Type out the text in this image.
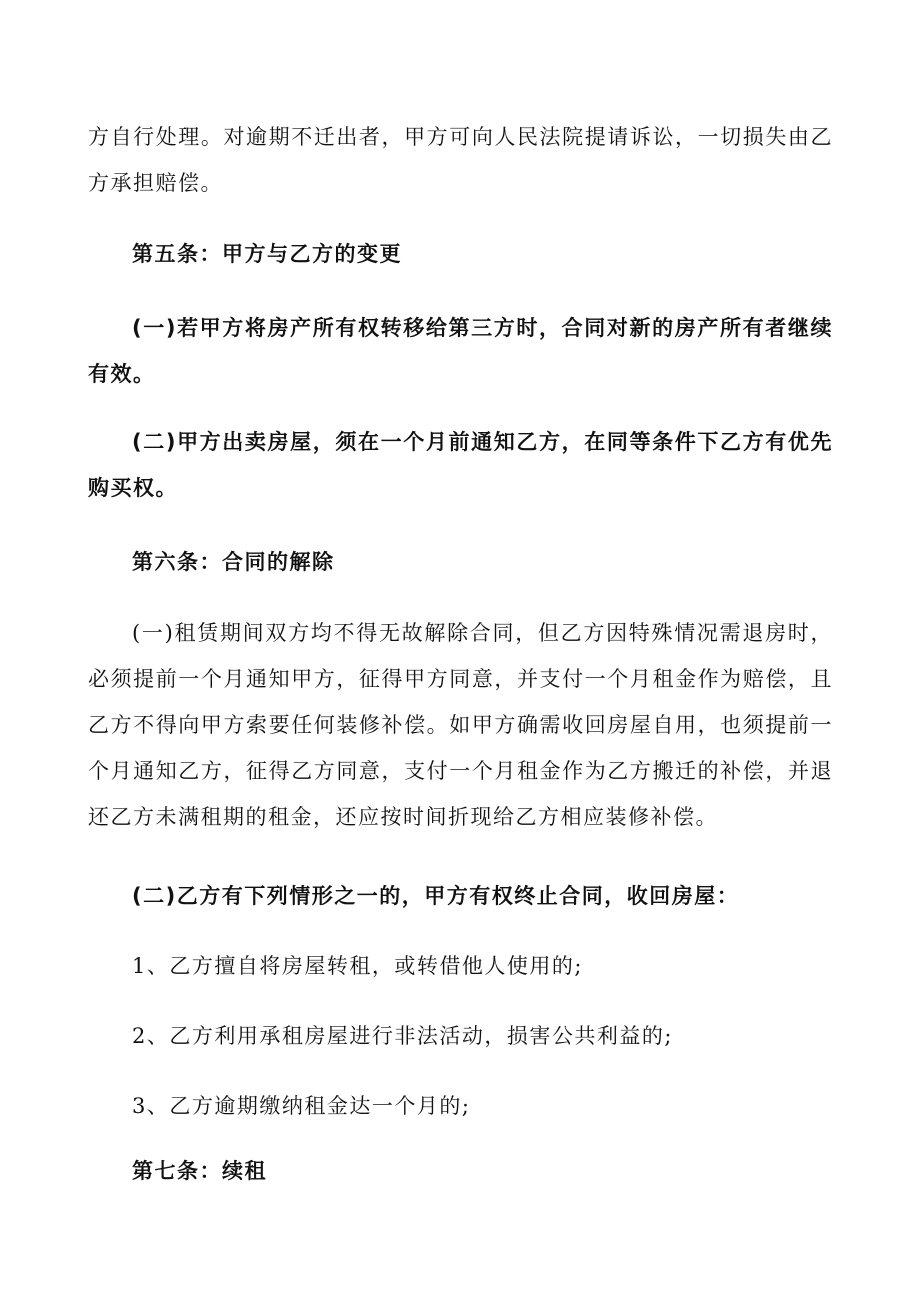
方自行处理。对逾期不迁出者，甲方可向人民法院提请诉讼，一切损失由乙方承担赔偿。

第五条：甲方与乙方的变更

(一)若甲方将房产所有权转移给第三方时，合同对新的房产所有者继续有效。

(二)甲方出卖房屋，须在一个月前通知乙方，在同等条件下乙方有优先购买权。

第六条：合同的解除

(一)租赁期间双方均不得无故解除合同，但乙方因特殊情况需退房时，必须提前一个月通知甲方，征得甲方同意，并支付一个月租金作为赔偿，且乙方不得向甲方索要任何装修补偿。如甲方确需收回房屋自用，也须提前一个月通知乙方，征得乙方同意，支付一个月租金作为乙方搬迁的补偿，并退还乙方未满租期的租金，还应按时间折现给乙方相应装修补偿。

(二)乙方有下列情形之一的，甲方有权终止合同，收回房屋：

1、乙方擅自将房屋转租，或转借他人使用的;

2、乙方利用承租房屋进行非法活动，损害公共利益的;

3、乙方逾期缴纳租金达一个月的;

第七条：续租
